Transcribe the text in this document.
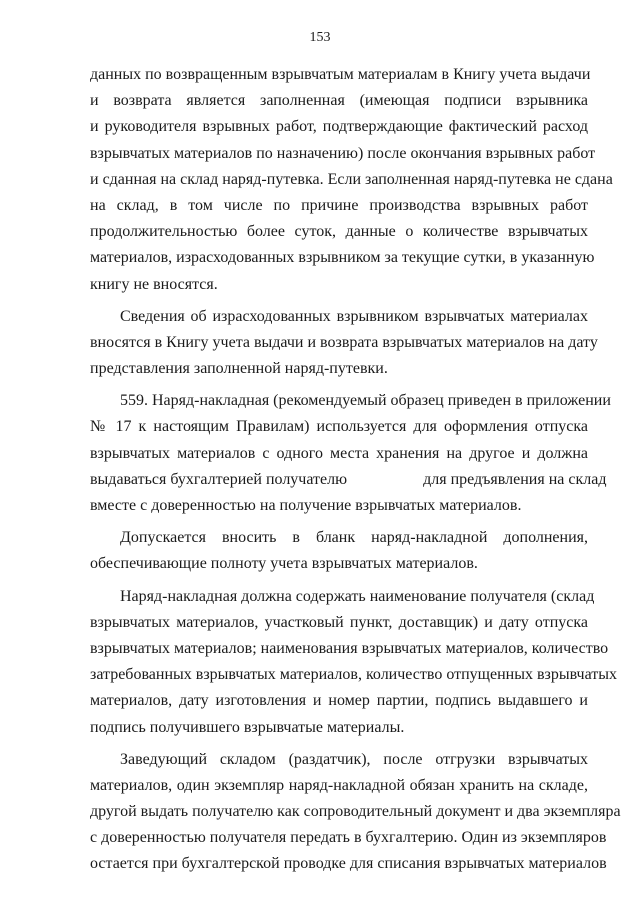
153
данных по возвращенным взрывчатым материалам в Книгу учета выдачи
и возврата является заполненная (имеющая подписи взрывника
и руководителя взрывных работ, подтверждающие фактический расход
взрывчатых материалов по назначению) после окончания взрывных работ
и сданная на склад наряд-путевка. Если заполненная наряд-путевка не сдана
на склад, в том числе по причине производства взрывных работ
продолжительностью более суток, данные о количестве взрывчатых
материалов, израсходованных взрывником за текущие сутки, в указанную
книгу не вносятся.
Сведения об израсходованных взрывником взрывчатых материалах
вносятся в Книгу учета выдачи и возврата взрывчатых материалов на дату
представления заполненной наряд-путевки.
559. Наряд-накладная (рекомендуемый образец приведен в приложении
№ 17 к настоящим Правилам) используется для оформления отпуска
взрывчатых материалов с одного места хранения на другое и должна
выдаваться бухгалтерией получателю	для предъявления на склад
вместе с доверенностью на получение взрывчатых материалов.
Допускается вносить в бланк наряд-накладной дополнения,
обеспечивающие полноту учета взрывчатых материалов.
Наряд-накладная должна содержать наименование получателя (склад
взрывчатых материалов, участковый пункт, доставщик) и дату отпуска
взрывчатых материалов; наименования взрывчатых материалов, количество
затребованных взрывчатых материалов, количество отпущенных взрывчатых
материалов, дату изготовления и номер партии, подпись выдавшего и
подпись получившего взрывчатые материалы.
Заведующий складом (раздатчик), после отгрузки взрывчатых
материалов, один экземпляр наряд-накладной обязан хранить на складе,
другой выдать получателю как сопроводительный документ и два экземпляра
с доверенностью получателя передать в бухгалтерию. Один из экземпляров
остается при бухгалтерской проводке для списания взрывчатых материалов
